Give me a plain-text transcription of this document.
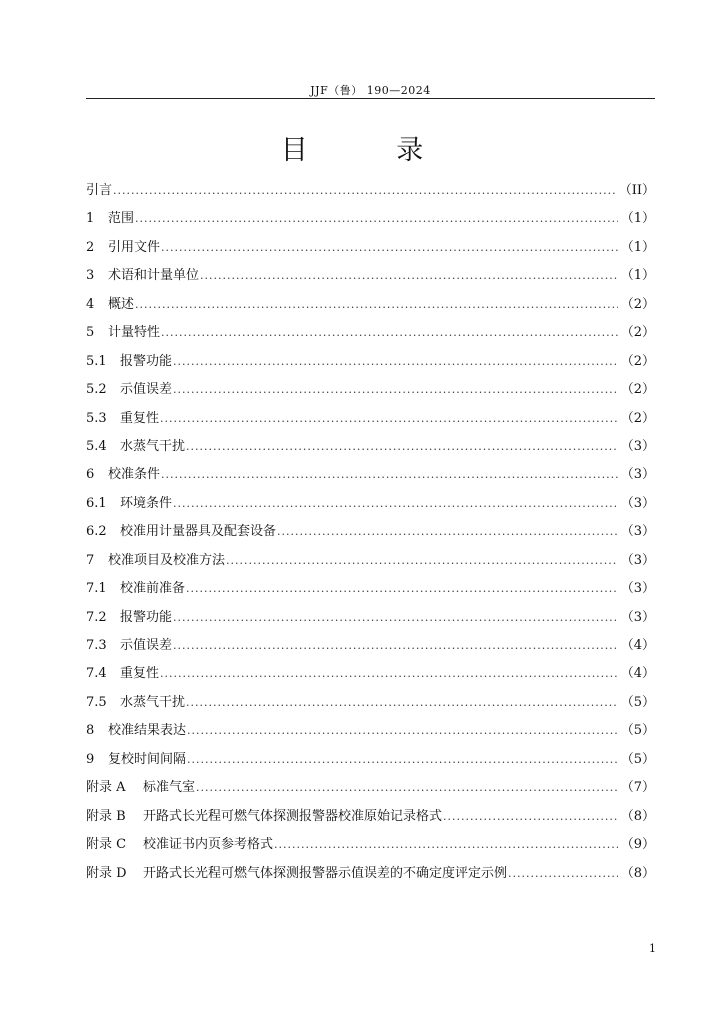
JJF（鲁） 190—2024
目 录
引言 .....	（II）
1	范围 .....	（1）
2	引用文件 .....	（1）
3	术语和计量单位 .....	（1）
4	概述 .....	（2）
5	计量特性 .....	（2）
5.1	报警功能 .....	（2）
5.2	示值误差 .....	（2）
5.3	重复性 .....	（2）
5.4	水蒸气干扰 .....	（3）
6	校准条件 .....	（3）
6.1	环境条件 .....	（3）
6.2	校准用计量器具及配套设备 .....	（3）
7	校准项目及校准方法 .....	（3）
7.1	校准前准备 .....	（3）
7.2	报警功能 .....	（3）
7.3	示值误差 .....	（4）
7.4	重复性 .....	（4）
7.5	水蒸气干扰 .....	（5）
8	校准结果表达 .....	（5）
9	复校时间间隔 .....	（5）
附录 A	标准气室 .....	（7）
附录 B	开路式长光程可燃气体探测报警器校准原始记录格式 .....	（8）
附录 C	校准证书内页参考格式 .....	（9）
附录 D	开路式长光程可燃气体探测报警器示值误差的不确定度评定示例 .....	（8）
1
